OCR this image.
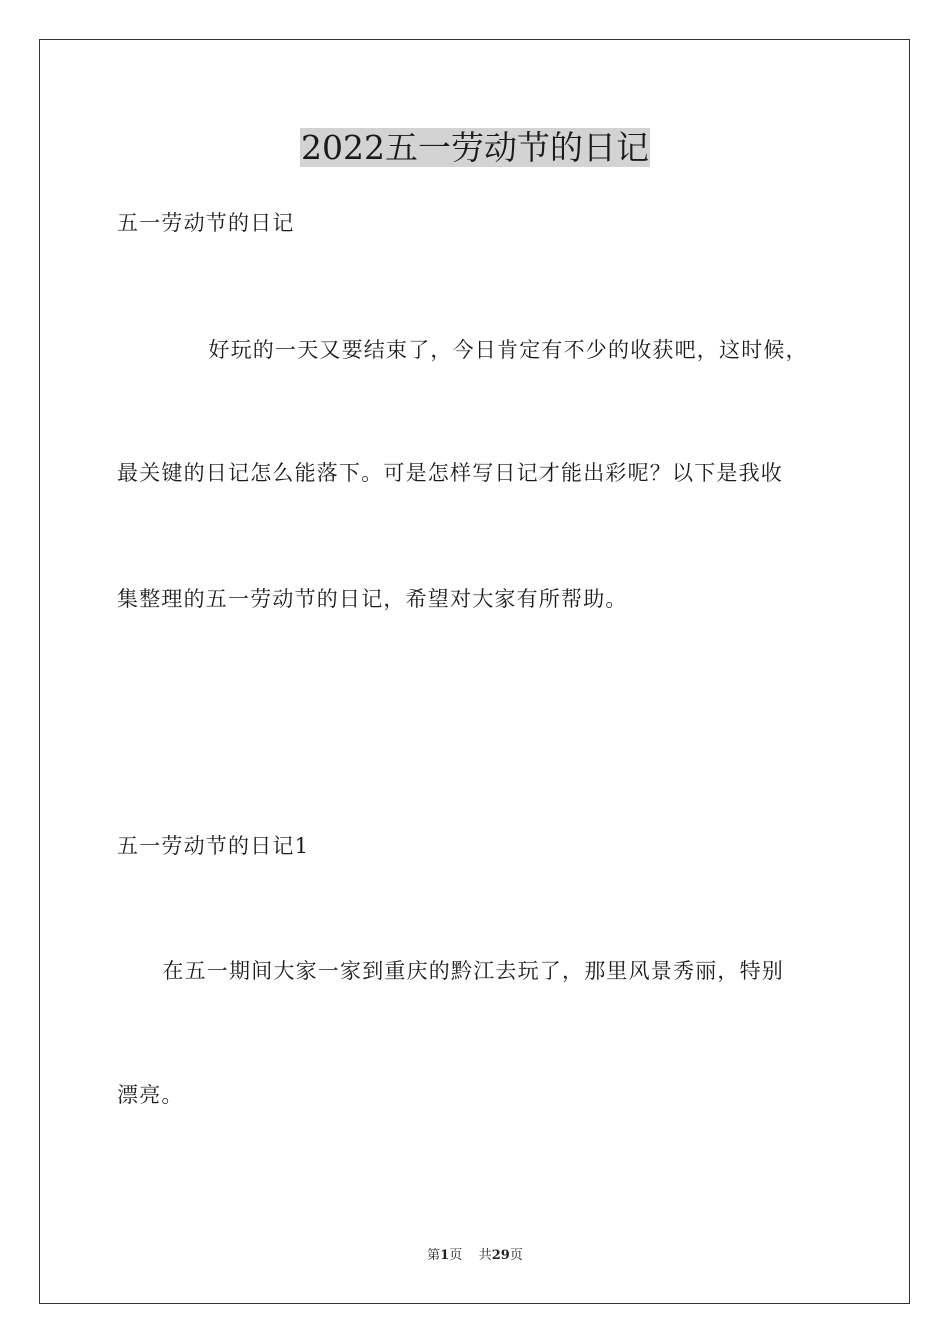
2022五一劳动节的日记

五一劳动节的日记

　　好玩的一天又要结束了，今日肯定有不少的收获吧，这时候，

最关键的日记怎么能落下。可是怎样写日记才能出彩呢？以下是我收

集整理的五一劳动节的日记，希望对大家有所帮助。

五一劳动节的日记1

　　在五一期间大家一家到重庆的黔江去玩了，那里风景秀丽，特别

漂亮。

第1页 共29页
